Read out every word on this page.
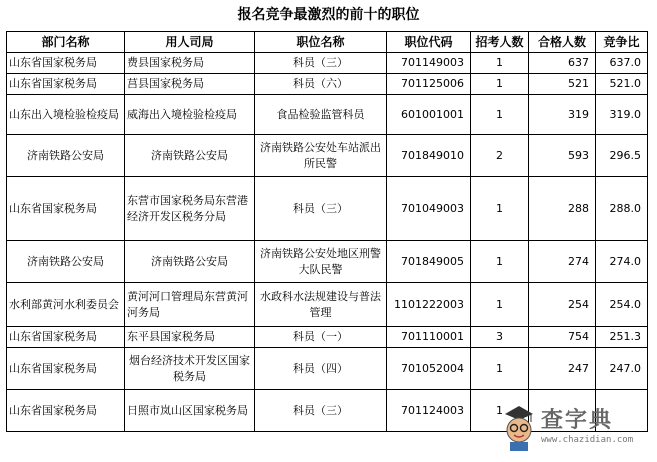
报名竞争最激烈的前十的职位
部门名称	用人司局	职位名称	职位代码	招考人数	合格人数	竞争比
山东省国家税务局	费县国家税务局	科员（三）	701149003	1	637	637.0
山东省国家税务局	莒县国家税务局	科员（六）	701125006	1	521	521.0
山东出入境检验检疫局	威海出入境检验检疫局	食品检验监管科员	601001001	1	319	319.0
济南铁路公安局	济南铁路公安局	济南铁路公安处车站派出所民警	701849010	2	593	296.5
山东省国家税务局	东营市国家税务局东营港经济开发区税务分局	科员（三）	701049003	1	288	288.0
济南铁路公安局	济南铁路公安局	济南铁路公安处地区刑警大队民警	701849005	1	274	274.0
水利部黄河水利委员会	黄河河口管理局东营黄河河务局	水政科水法规建设与普法管理	1101222003	1	254	254.0
山东省国家税务局	东平县国家税务局	科员（一）	701110001	3	754	251.3
山东省国家税务局	烟台经济技术开发区国家税务局	科员（四）	701052004	1	247	247.0
山东省国家税务局	日照市岚山区国家税务局	科员（三）	701124003	1		查字典
www.chazidian.com
